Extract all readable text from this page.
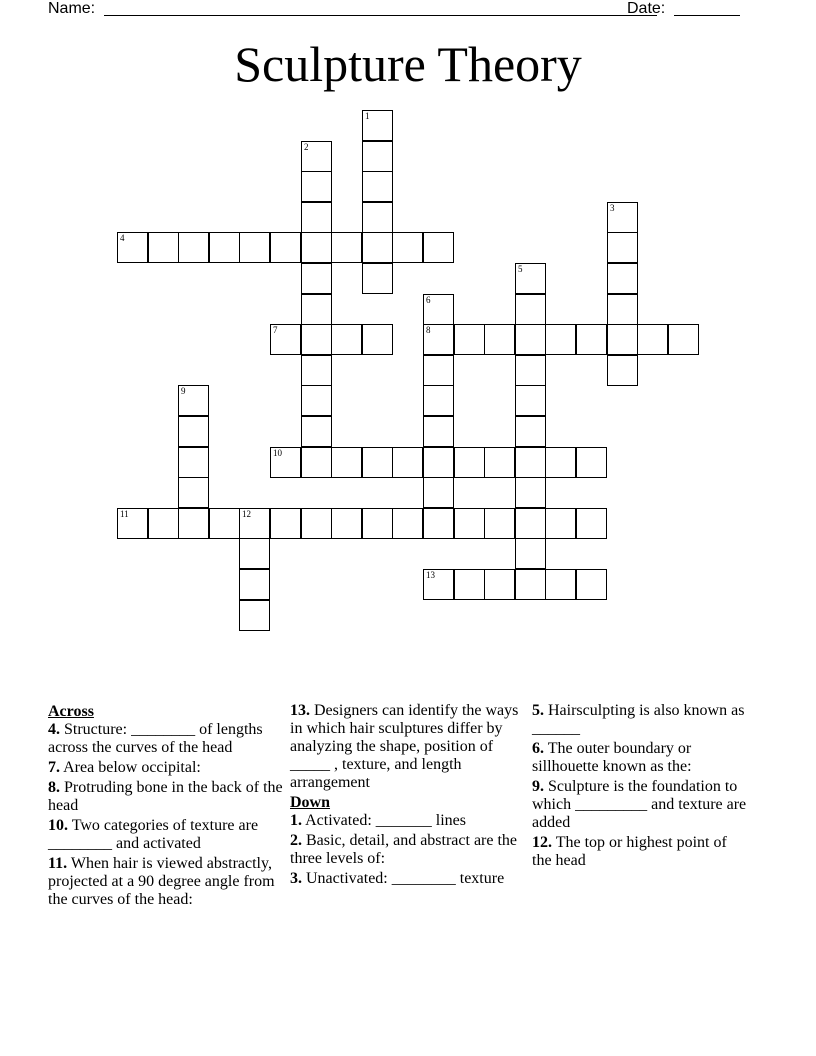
Name:	Date:
Sculpture Theory
1
2
3
4
5
6
8
7
9
10
11	12
13
Across
4. Structure: ________ of lengths across the curves of the head
7. Area below occipital:
8. Protruding bone in the back of the head
10. Two categories of texture are ________ and activated
11. When hair is viewed abstractly, projected at a 90 degree angle from the curves of the head:
13. Designers can identify the ways in which hair sculptures differ by analyzing the shape, position of _____ , texture, and length arrangement
Down
1. Activated: _______ lines
2. Basic, detail, and abstract are the three levels of:
3. Unactivated: ________ texture
5. Hairsculpting is also known as ______
6. The outer boundary or sillhouette known as the:
9. Sculpture is the foundation to which _________ and texture are added
12. The top or highest point of the head
